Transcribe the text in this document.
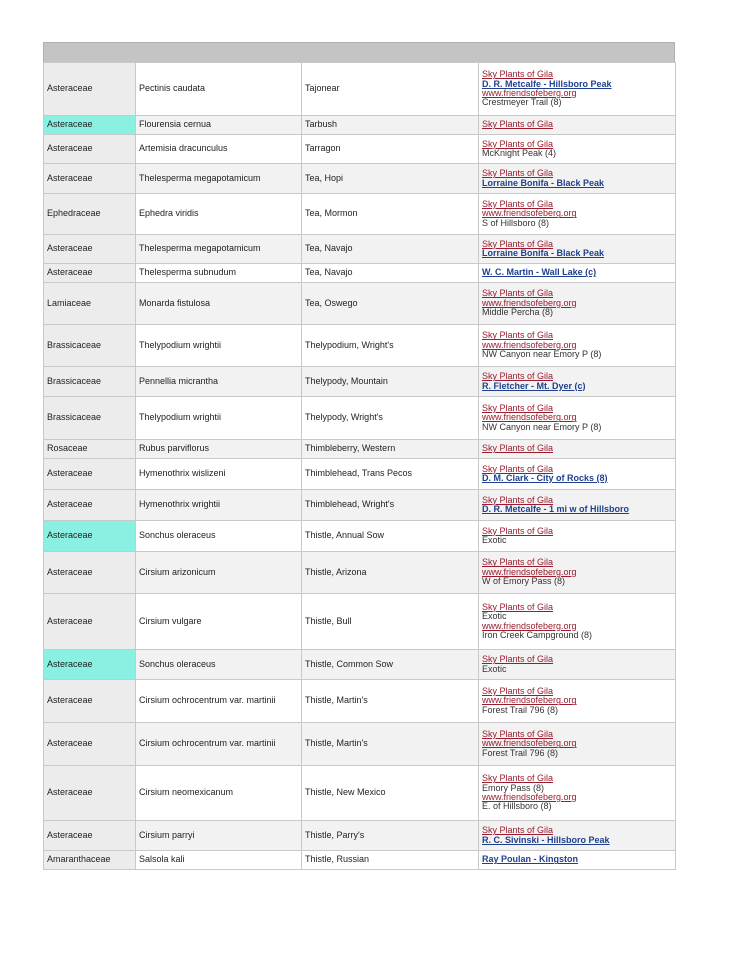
Asteraceae	Pectinis caudata	Tajonear	Sky Plants of Gila
D. R. Metcalfe - Hillsboro Peak
www.friendsofeberg.org
Crestmeyer Trail (8)

Asteraceae	Flourensia cernua	Tarbush	Sky Plants of Gila

Asteraceae	Artemisia dracunculus	Tarragon	Sky Plants of Gila
McKnight Peak (4)

Asteraceae	Thelesperma megapotamicum	Tea, Hopi	Sky Plants of Gila
Lorraine Bonifa - Black Peak

Ephedraceae	Ephedra viridis	Tea, Mormon	Sky Plants of Gila
www.friendsofeberg.org
S of Hillsboro (8)

Asteraceae	Thelesperma megapotamicum	Tea, Navajo	Sky Plants of Gila
Lorraine Bonifa - Black Peak

Asteraceae	Thelesperma subnudum	Tea, Navajo	W. C. Martin - Wall Lake (c)

Lamiaceae	Monarda fistulosa	Tea, Oswego	Sky Plants of Gila
www.friendsofeberg.org
Middle Percha (8)

Brassicaceae	Thelypodium wrightii	Thelypodium, Wright's	Sky Plants of Gila
www.friendsofeberg.org
NW Canyon near Emory P (8)

Brassicaceae	Pennellia micrantha	Thelypody, Mountain	Sky Plants of Gila
R. Fletcher - Mt. Dyer (c)

Brassicaceae	Thelypodium wrightii	Thelypody, Wright's	Sky Plants of Gila
www.friendsofeberg.org
NW Canyon near Emory P (8)

Rosaceae	Rubus parviflorus	Thimbleberry, Western	Sky Plants of Gila

Asteraceae	Hymenothrix wislizeni	Thimblehead, Trans Pecos	Sky Plants of Gila
D. M. Clark - City of Rocks (8)

Asteraceae	Hymenothrix wrightii	Thimblehead, Wright's	Sky Plants of Gila
D. R. Metcalfe - 1 mi w of Hillsboro

Asteraceae	Sonchus oleraceus	Thistle, Annual Sow	Sky Plants of Gila
Exotic

Asteraceae	Cirsium arizonicum	Thistle, Arizona	Sky Plants of Gila
www.friendsofeberg.org
W of Emory Pass (8)

Asteraceae	Cirsium vulgare	Thistle, Bull	Sky Plants of Gila
Exotic
www.friendsofeberg.org
Iron Creek Campground (8)

Asteraceae	Sonchus oleraceus	Thistle, Common Sow	Sky Plants of Gila
Exotic

Asteraceae	Cirsium ochrocentrum var. martinii	Thistle, Martin's	Sky Plants of Gila
www.friendsofeberg.org
Forest Trail 796 (8)

Asteraceae	Cirsium ochrocentrum var. martinii	Thistle, Martin's	Sky Plants of Gila
www.friendsofeberg.org
Forest Trail 796 (8)

Asteraceae	Cirsium neomexicanum	Thistle, New Mexico	Sky Plants of Gila
Emory Pass (8)
www.friendsofeberg.org
E. of Hillsboro (8)

Asteraceae	Cirsium parryi	Thistle, Parry's	Sky Plants of Gila
R. C. Sivinski - Hillsboro Peak

Amaranthaceae	Salsola kali	Thistle, Russian	Ray Poulan - Kingston
